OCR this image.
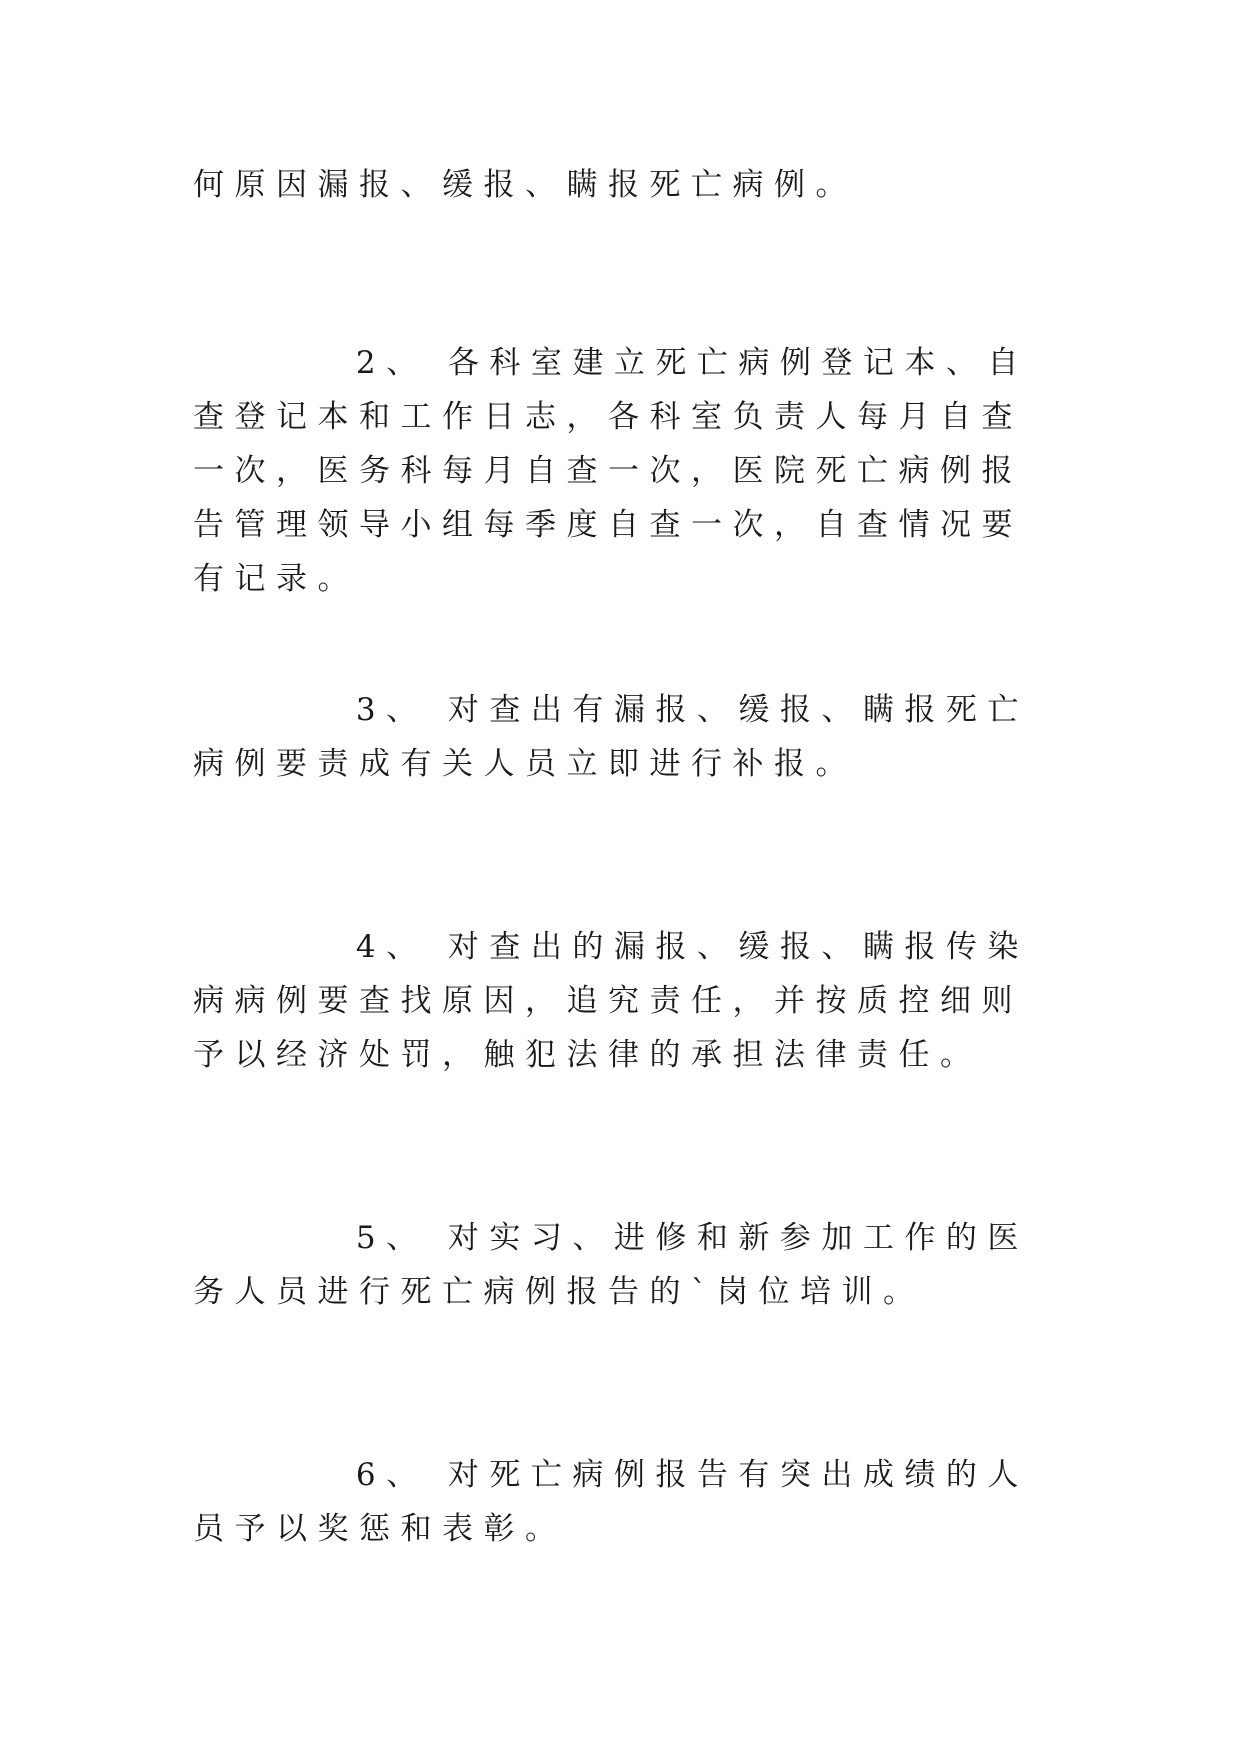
何原因漏报、缓报、瞒报死亡病例。

2、 各科室建立死亡病例登记本、自查登记本和工作日志，各科室负责人每月自查一次，医务科每月自查一次，医院死亡病例报告管理领导小组每季度自查一次，自查情况要有记录。

3、 对查出有漏报、缓报、瞒报死亡病例要责成有关人员立即进行补报。

4、 对查出的漏报、缓报、瞒报传染病病例要查找原因，追究责任，并按质控细则予以经济处罚，触犯法律的承担法律责任。

5、 对实习、进修和新参加工作的医务人员进行死亡病例报告的`岗位培训。

6、 对死亡病例报告有突出成绩的人员予以奖惩和表彰。
